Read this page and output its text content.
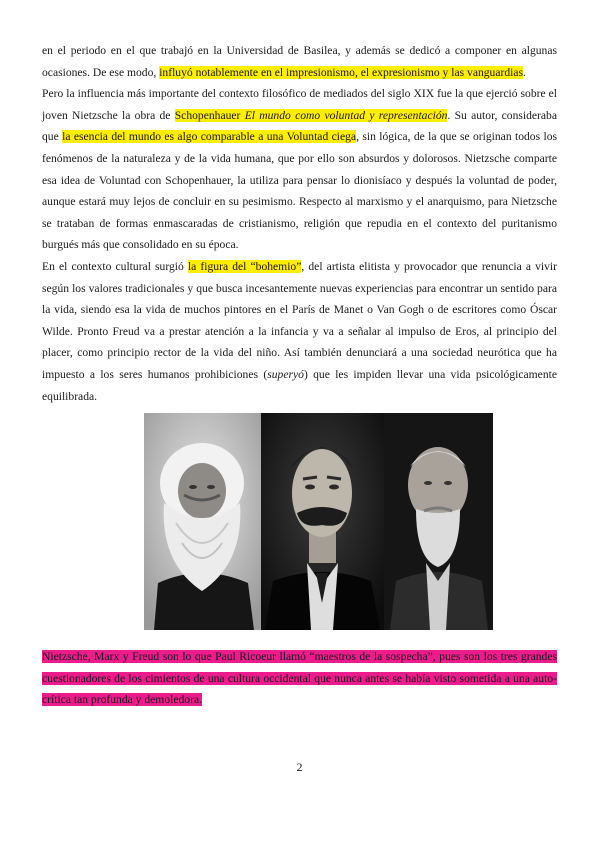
en el periodo en el que trabajó en la Universidad de Basilea, y además se dedicó a componer en algunas ocasiones. De ese modo, influyó notablemente en el impresionismo, el expresionismo y las vanguardias.

Pero la influencia más importante del contexto filosófico de mediados del siglo XIX fue la que ejerció sobre el joven Nietzsche la obra de Schopenhauer El mundo como voluntad y representación. Su autor, consideraba que la esencia del mundo es algo comparable a una Voluntad ciega, sin lógica, de la que se originan todos los fenómenos de la naturaleza y de la vida humana, que por ello son absurdos y dolorosos. Nietzsche comparte esa idea de Voluntad con Schopenhauer, la utiliza para pensar lo dionisíaco y después la voluntad de poder, aunque estará muy lejos de concluir en su pesimismo. Respecto al marxismo y el anarquismo, para Nietzsche se trataban de formas enmascaradas de cristianismo, religión que repudia en el contexto del puritanismo burgués más que consolidado en su época.

En el contexto cultural surgió la figura del “bohemio”, del artista elitista y provocador que renuncia a vivir según los valores tradicionales y que busca incesantemente nuevas experiencias para encontrar un sentido para la vida, siendo esa la vida de muchos pintores en el París de Manet o Van Gogh o de escritores como Óscar Wilde. Pronto Freud va a prestar atención a la infancia y va a señalar al impulso de Eros, al principio del placer, como principio rector de la vida del niño. Así también denunciará a una sociedad neurótica que ha impuesto a los seres humanos prohibiciones (superyó) que les impiden llevar una vida psicológicamente equilibrada.

Nietzsche, Marx y Freud son lo que Paul Ricoeur llamó “maestros de la sospecha”, pues son los tres grandes cuestionadores de los cimientos de una cultura occidental que nunca antes se había visto sometida a una auto-crítica tan profunda y demoledora.
2
